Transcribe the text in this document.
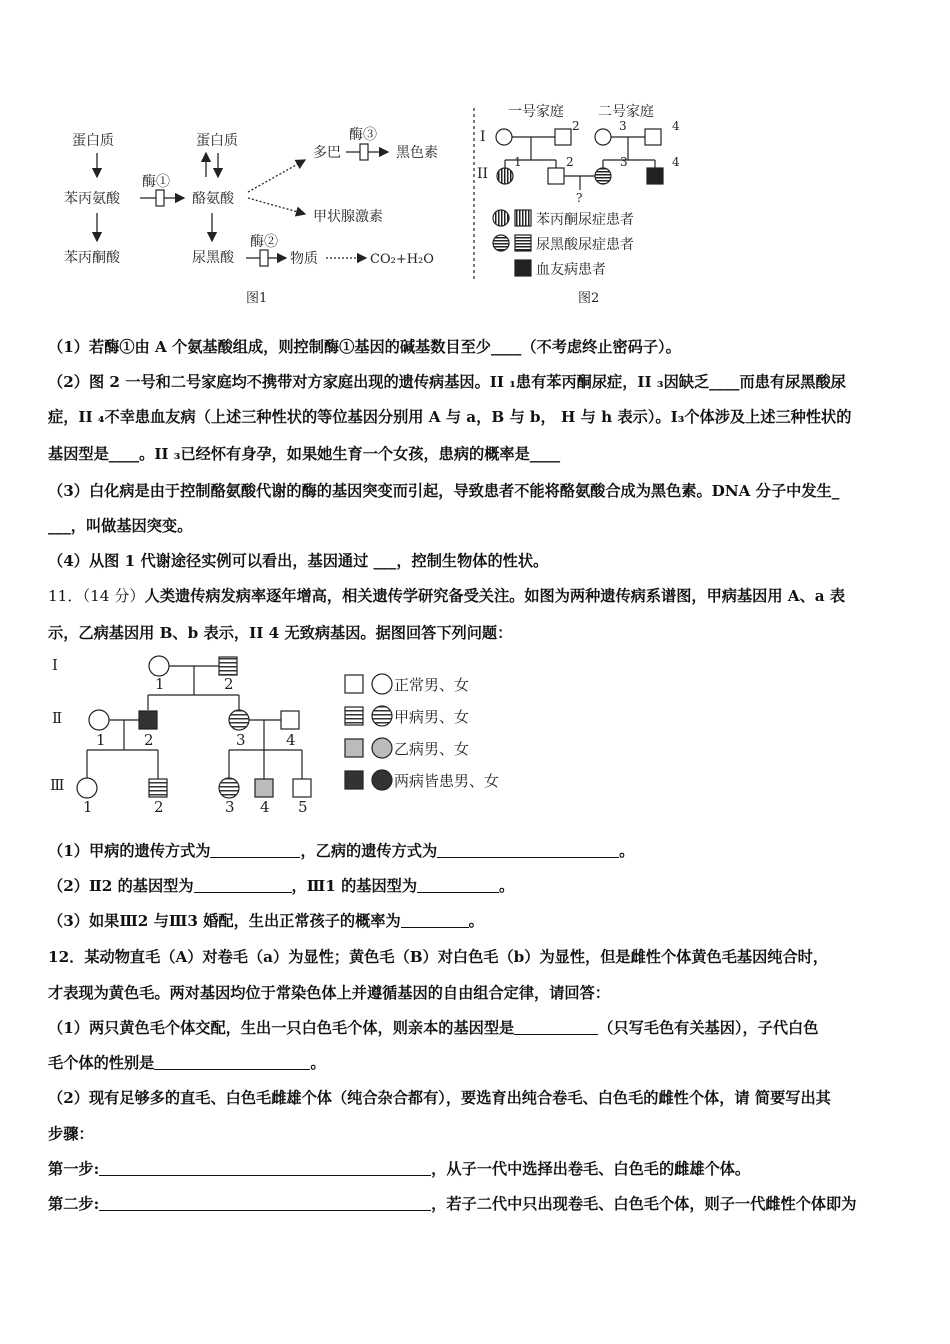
蛋白质
苯丙氨酸
苯丙酮酸
酶①
蛋白质
酪氨酸
尿黑酸
酶②
物质	CO₂+H₂O
多巴
酶③
黑色素
甲状腺激素
图1
一号家庭 二号家庭
I
II
2
1	2
3	4
3	4
?
苯丙酮尿症患者
尿黑酸尿症患者
血友病患者
图2
（1）若酶①由 A 个氨基酸组成，则控制酶①基因的碱基数目至少____（不考虑终止密码子）。
（2）图 2 一号和二号家庭均不携带对方家庭出现的遗传病基因。II ₁患有苯丙酮尿症，II ₃因缺乏____而患有尿黑酸尿
症，II ₄不幸患血友病（上述三种性状的等位基因分别用 A 与 a，B 与 b， H 与 h 表示）。I₃个体涉及上述三种性状的
基因型是____。II ₃已经怀有身孕，如果她生育一个女孩，患病的概率是____
（3）白化病是由于控制酪氨酸代谢的酶的基因突变而引起，导致患者不能将酪氨酸合成为黑色素。DNA 分子中发生_
___，叫做基因突变。
（4）从图 1 代谢途径实例可以看出，基因通过 ___，控制生物体的性状。
11．（14 分）人类遗传病发病率逐年增高，相关遗传学研究备受关注。如图为两种遗传病系谱图，甲病基因用 A、a 表
示，乙病基因用 B、b 表示，II 4 无致病基因。据图回答下列问题：
Ⅰ
Ⅱ
Ⅲ
1	2
1	2	3	4
1	2	3 4 5
正常男、女
甲病男、女
乙病男、女
两病皆患男、女
（1）甲病的遗传方式为	，乙病的遗传方式为	。
（2）Ⅱ2 的基因型为	，Ⅲ1 的基因型为	。
（3）如果Ⅲ2 与Ⅲ3 婚配，生出正常孩子的概率为	。
12．某动物直毛（A）对卷毛（a）为显性；黄色毛（B）对白色毛（b）为显性，但是雌性个体黄色毛基因纯合时，
才表现为黄色毛。两对基因均位于常染色体上并遵循基因的自由组合定律，请回答：
（1）两只黄色毛个体交配，生出一只白色毛个体，则亲本的基因型是	（只写毛色有关基因），子代白色
毛个体的性别是	。
（2）现有足够多的直毛、白色毛雌雄个体（纯合杂合都有），要选育出纯合卷毛、白色毛的雌性个体，请 简要写出其
步骤：
第一步:	，从子一代中选择出卷毛、白色毛的雌雄个体。
第二步:	，若子二代中只出现卷毛、白色毛个体，则子一代雌性个体即为
